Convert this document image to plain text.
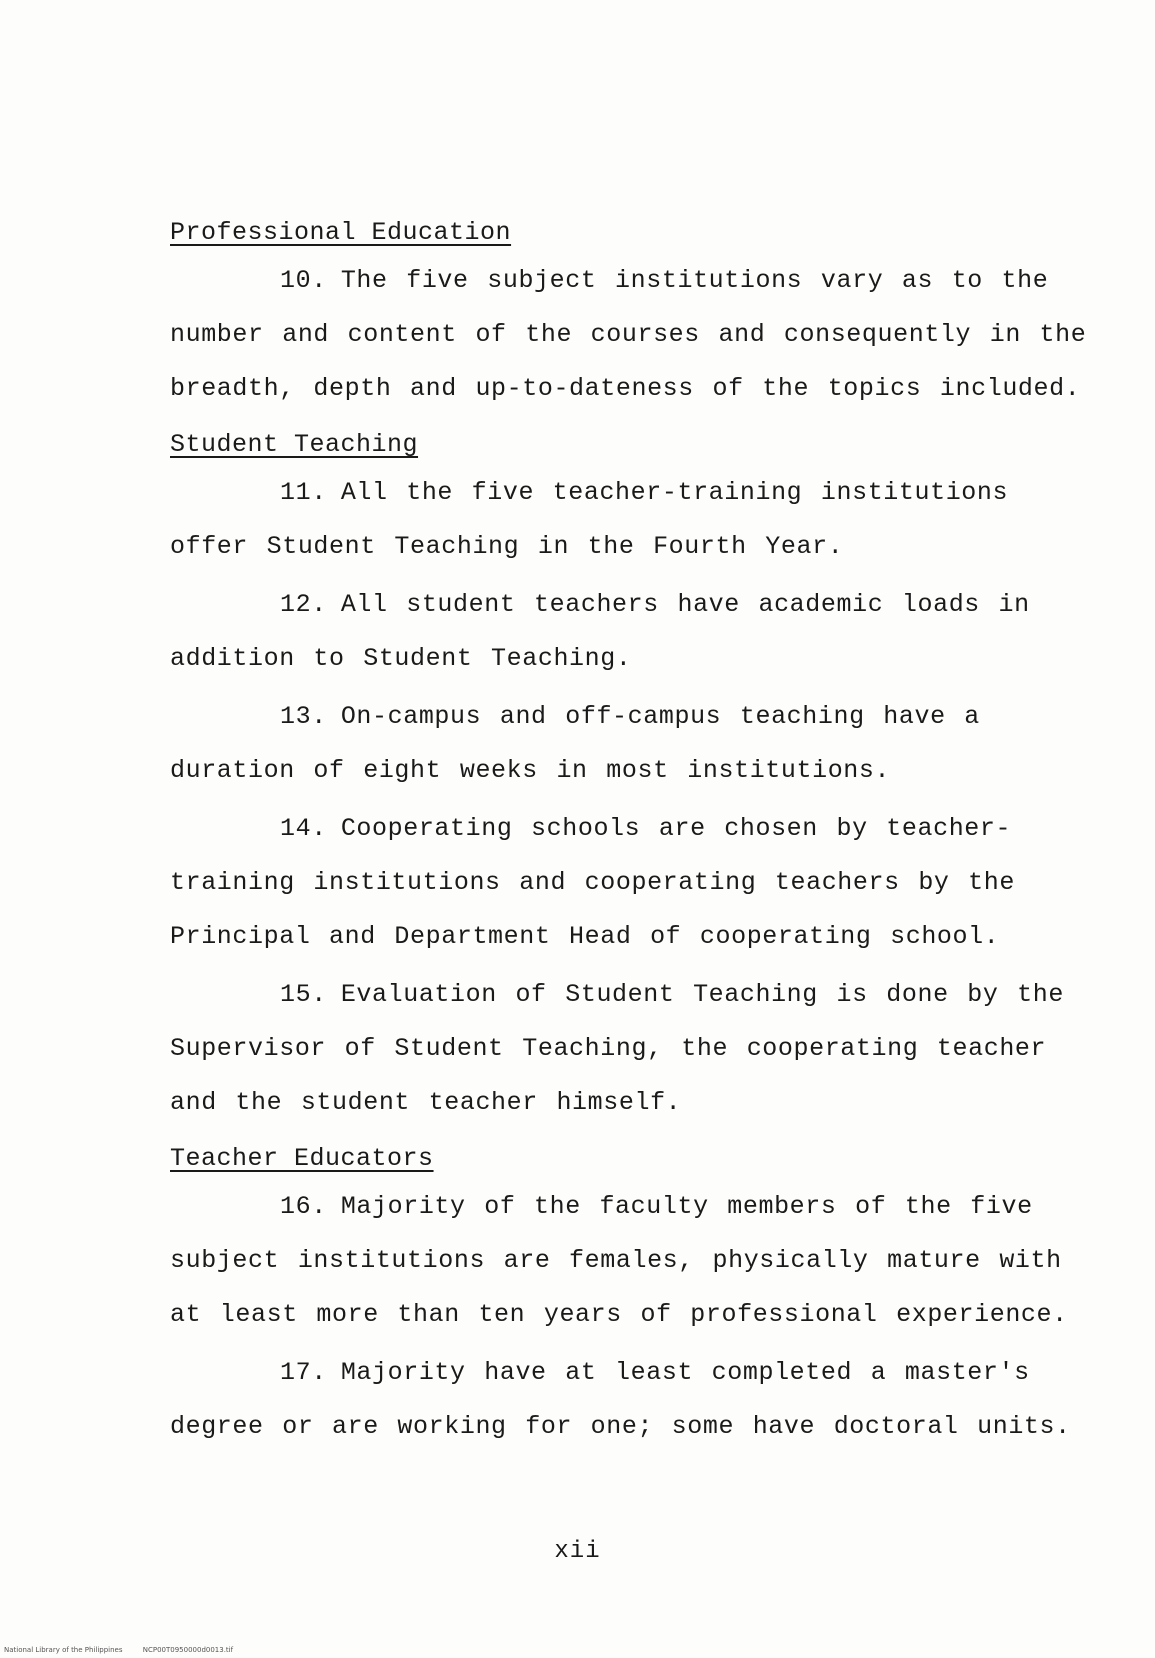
Professional Education

10. The five subject institutions vary as to the number and content of the courses and consequently in the breadth, depth and up-to-dateness of the topics included.

Student Teaching

11. All the five teacher-training institutions offer Student Teaching in the Fourth Year.

12. All student teachers have academic loads in addition to Student Teaching.

13. On-campus and off-campus teaching have a duration of eight weeks in most institutions.

14. Cooperating schools are chosen by teacher-training institutions and cooperating teachers by the Principal and Department Head of cooperating school.

15. Evaluation of Student Teaching is done by the Supervisor of Student Teaching, the cooperating teacher and the student teacher himself.

Teacher Educators

16. Majority of the faculty members of the five subject institutions are females, physically mature with at least more than ten years of professional experience.

17. Majority have at least completed a master's degree or are working for one; some have doctoral units.

xii
National Library of the Philippines	NCP00T0950000d0013.tif
